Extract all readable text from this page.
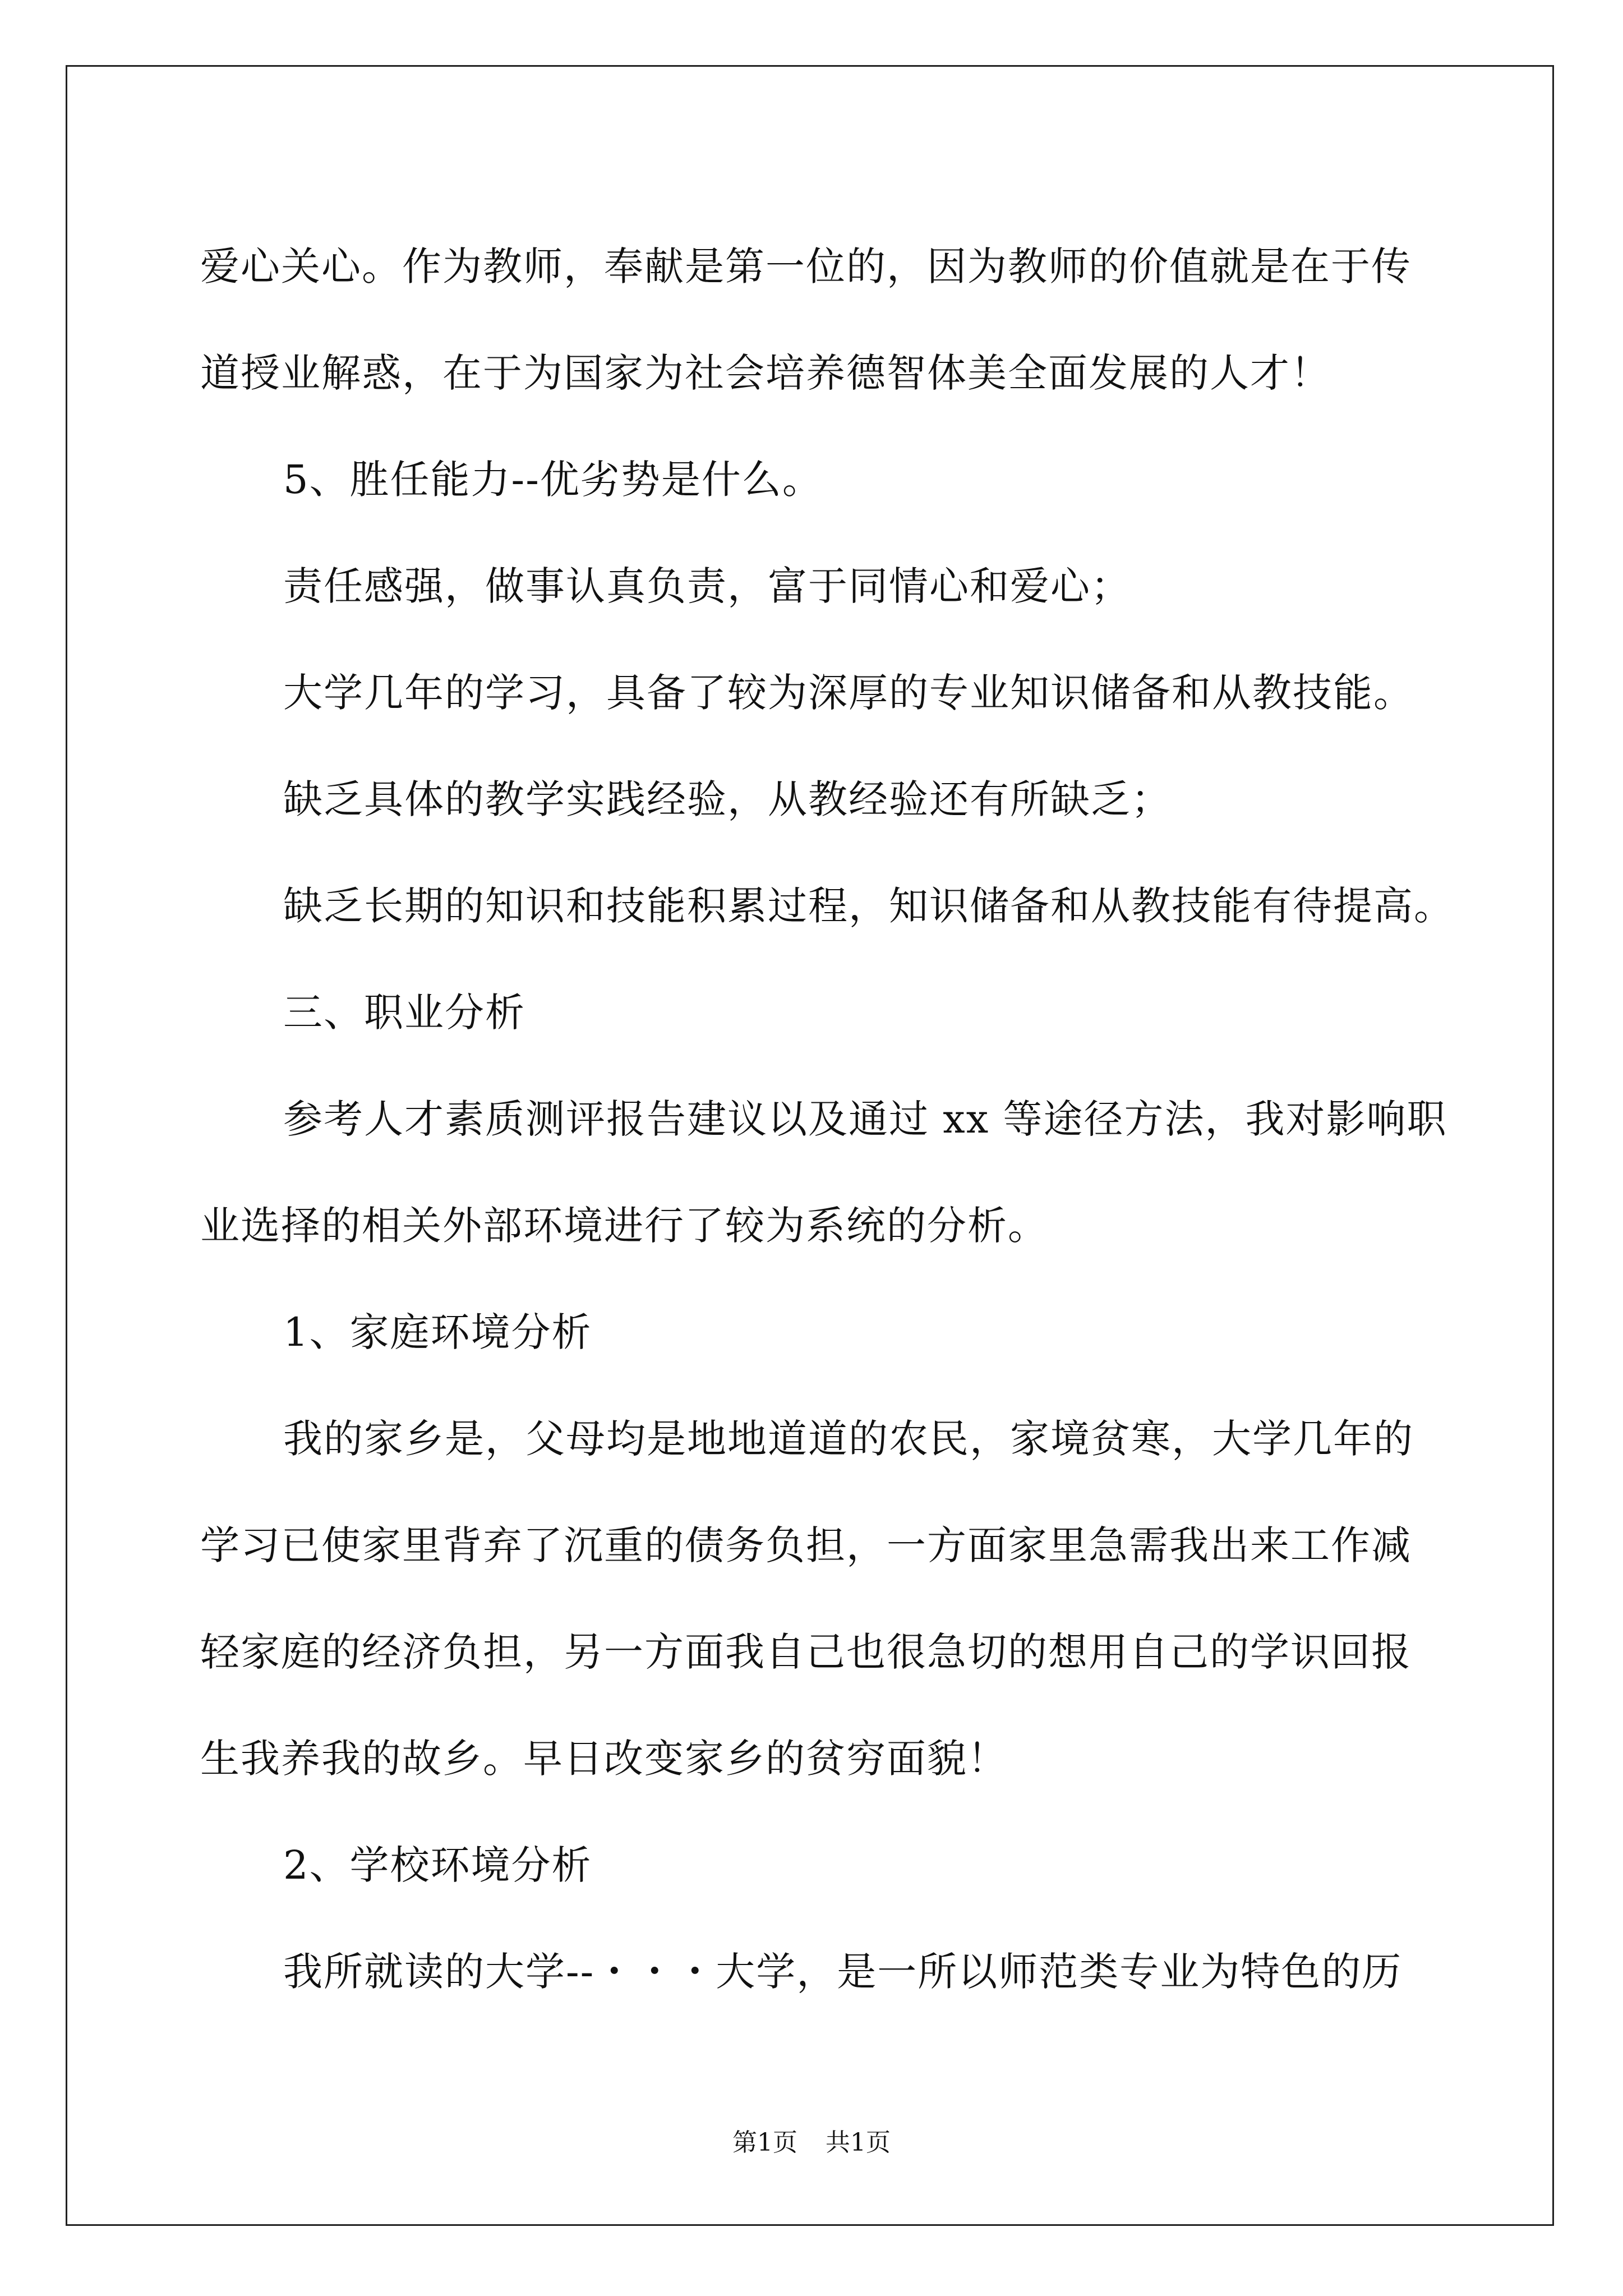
爱心关心。作为教师，奉献是第一位的，因为教师的价值就是在于传

道授业解惑，在于为国家为社会培养德智体美全面发展的人才！

5、胜任能力--优劣势是什么。

责任感强，做事认真负责，富于同情心和爱心；

大学几年的学习，具备了较为深厚的专业知识储备和从教技能。

缺乏具体的教学实践经验，从教经验还有所缺乏；

缺乏长期的知识和技能积累过程，知识储备和从教技能有待提高。

三、职业分析

参考人才素质测评报告建议以及通过 xx 等途径方法，我对影响职

业选择的相关外部环境进行了较为系统的分析。

1、家庭环境分析

我的家乡是，父母均是地地道道的农民，家境贫寒，大学几年的

学习已使家里背弃了沉重的债务负担，一方面家里急需我出来工作减

轻家庭的经济负担，另一方面我自己也很急切的想用自己的学识回报

生我养我的故乡。早日改变家乡的贫穷面貌！

2、学校环境分析

我所就读的大学--・・・大学，是一所以师范类专业为特色的历

第1页 共1页
